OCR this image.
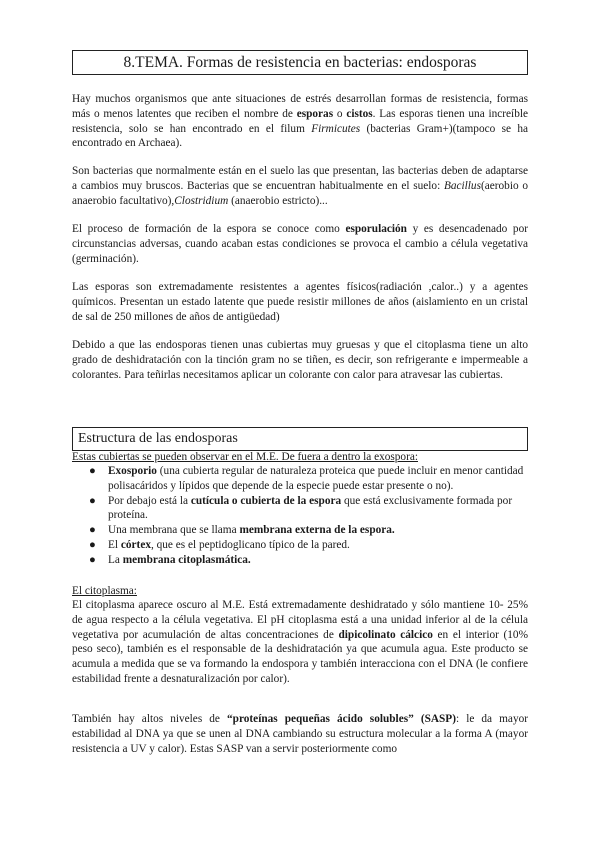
8.TEMA. Formas de resistencia en bacterias: endosporas

Hay muchos organismos que ante situaciones de estrés desarrollan formas de resistencia, formas más o menos latentes que reciben el nombre de esporas o cistos. Las esporas tienen una increíble resistencia, solo se han encontrado en el filum Firmicutes (bacterias Gram+)(tampoco se ha encontrado en Archaea).

Son bacterias que normalmente están en el suelo las que presentan, las bacterias deben de adaptarse a cambios muy bruscos. Bacterias que se encuentran habitualmente en el suelo: Bacillus(aerobio o anaerobio facultativo),Clostridium (anaerobio estricto)...

El proceso de formación de la espora se conoce como esporulación y es desencadenado por circunstancias adversas, cuando acaban estas condiciones se provoca el cambio a célula vegetativa (germinación).

Las esporas son extremadamente resistentes a agentes físicos(radiación ,calor..) y a agentes químicos. Presentan un estado latente que puede resistir millones de años (aislamiento en un cristal de sal de 250 millones de años de antigüedad)

Debido a que las endosporas tienen unas cubiertas muy gruesas y que el citoplasma tiene un alto grado de deshidratación con la tinción gram no se tiñen, es decir, son refrigerante e impermeable a colorantes. Para teñirlas necesitamos aplicar un colorante con calor para atravesar las cubiertas.

Estructura de las endosporas

Estas cubiertas se pueden observar en el M.E. De fuera a dentro la exospora:

● Exosporio (una cubierta regular de naturaleza proteica que puede incluir en menor cantidad polisacáridos y lípidos que depende de la especie puede estar presente o no).
● Por debajo está la cutícula o cubierta de la espora que está exclusivamente formada por proteína.
● Una membrana que se llama membrana externa de la espora.
● El córtex, que es el peptidoglicano típico de la pared.
● La membrana citoplasmática.

El citoplasma:

El citoplasma aparece oscuro al M.E. Está extremadamente deshidratado y sólo mantiene 10- 25% de agua respecto a la célula vegetativa. El pH citoplasma está a una unidad inferior al de la célula vegetativa por acumulación de altas concentraciones de dipicolinato cálcico en el interior (10% peso seco), también es el responsable de la deshidratación ya que acumula agua. Este producto se acumula a medida que se va formando la endospora y también interacciona con el DNA (le confiere estabilidad frente a desnaturalización por calor).

También hay altos niveles de “proteínas pequeñas ácido solubles” (SASP): le da mayor estabilidad al DNA ya que se unen al DNA cambiando su estructura molecular a la forma A (mayor resistencia a UV y calor). Estas SASP van a servir posteriormente como
